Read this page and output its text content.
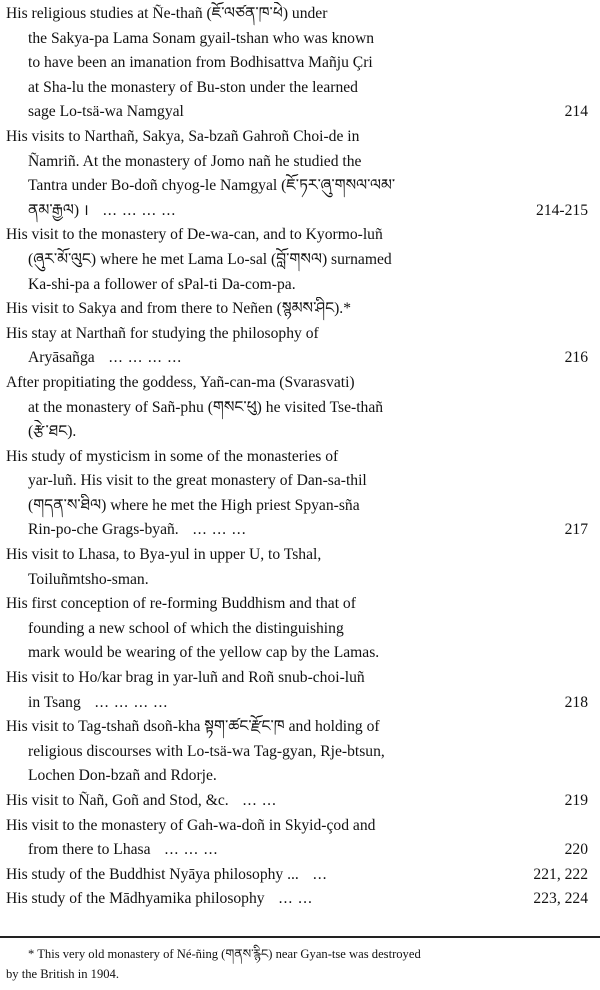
His religious studies at Ñe-thañ (ཇོ་ལཙན་ཁ་ཕེ) under
the Sakya-pa Lama Sonam gyail-tshan who was known
to have been an imanation from Bodhisattva Mañju Çri
at Sha-lu the monastery of Bu-ston under the learned
sage Lo-tsä-wa Namgyal	214
His visits to Narthañ, Sakya, Sa-bzañ Gahroñ Choi-de in
Ñamriñ. At the monastery of Jomo nañ he studied the
Tantra under Bo-doñ chyog-le Namgyal (ཇོ་ཏར་ཞུ་གསལ་ལམ་
ནམ་རྒྱལ) । ... ... ... ...	214-215
His visit to the monastery of De-wa-can, and to Kyormo-luñ
(ཞུར་མོ་ལུང) where he met Lama Lo-sal (བློ་གསལ) surnamed
Ka-shi-pa a follower of sPal-ti Da-com-pa.
His visit to Sakya and from there to Neñen (སྙམས་ཤིང).*
His stay at Narthañ for studying the philosophy of
Aryāsañga ... ... ... ...	216
After propitiating the goddess, Yañ-can-ma (Svarasvati)
at the monastery of Sañ-phu (གསང་ཕུ) he visited Tse-thañ
(རྩེ་ཐང).
His study of mysticism in some of the monasteries of
yar-luñ. His visit to the great monastery of Dan-sa-thil
(གདན་ས་ཐིལ) where he met the High priest Spyan-sña
Rin-po-che Grags-byañ. ... ... ...	217
His visit to Lhasa, to Bya-yul in upper U, to Tshal,
Toiluñmtsho-sman.
His first conception of re-forming Buddhism and that of
founding a new school of which the distinguishing
mark would be wearing of the yellow cap by the Lamas.
His visit to Ho/kar brag in yar-luñ and Roñ snub-choi-luñ
in Tsang ... ... ... ...	218
His visit to Tag-tshañ dsoñ-kha སྟག་ཚང་རྫོང་ཁ and holding of
religious discourses with Lo-tsä-wa Tag-gyan, Rje-btsun,
Lochen Don-bzañ and Rdorje.
His visit to Ñañ, Goñ and Stod, &c. ... ...	219
His visit to the monastery of Gah-wa-doñ in Skyid-çod and
from there to Lhasa ... ... ...	220
His study of the Buddhist Nyāya philosophy ... ...	221, 222
His study of the Mādhyamika philosophy ... ...	223, 224
* This very old monastery of Né-ñing (གནས་རྙིང) near Gyan-tse was destroyed
by the British in 1904.
